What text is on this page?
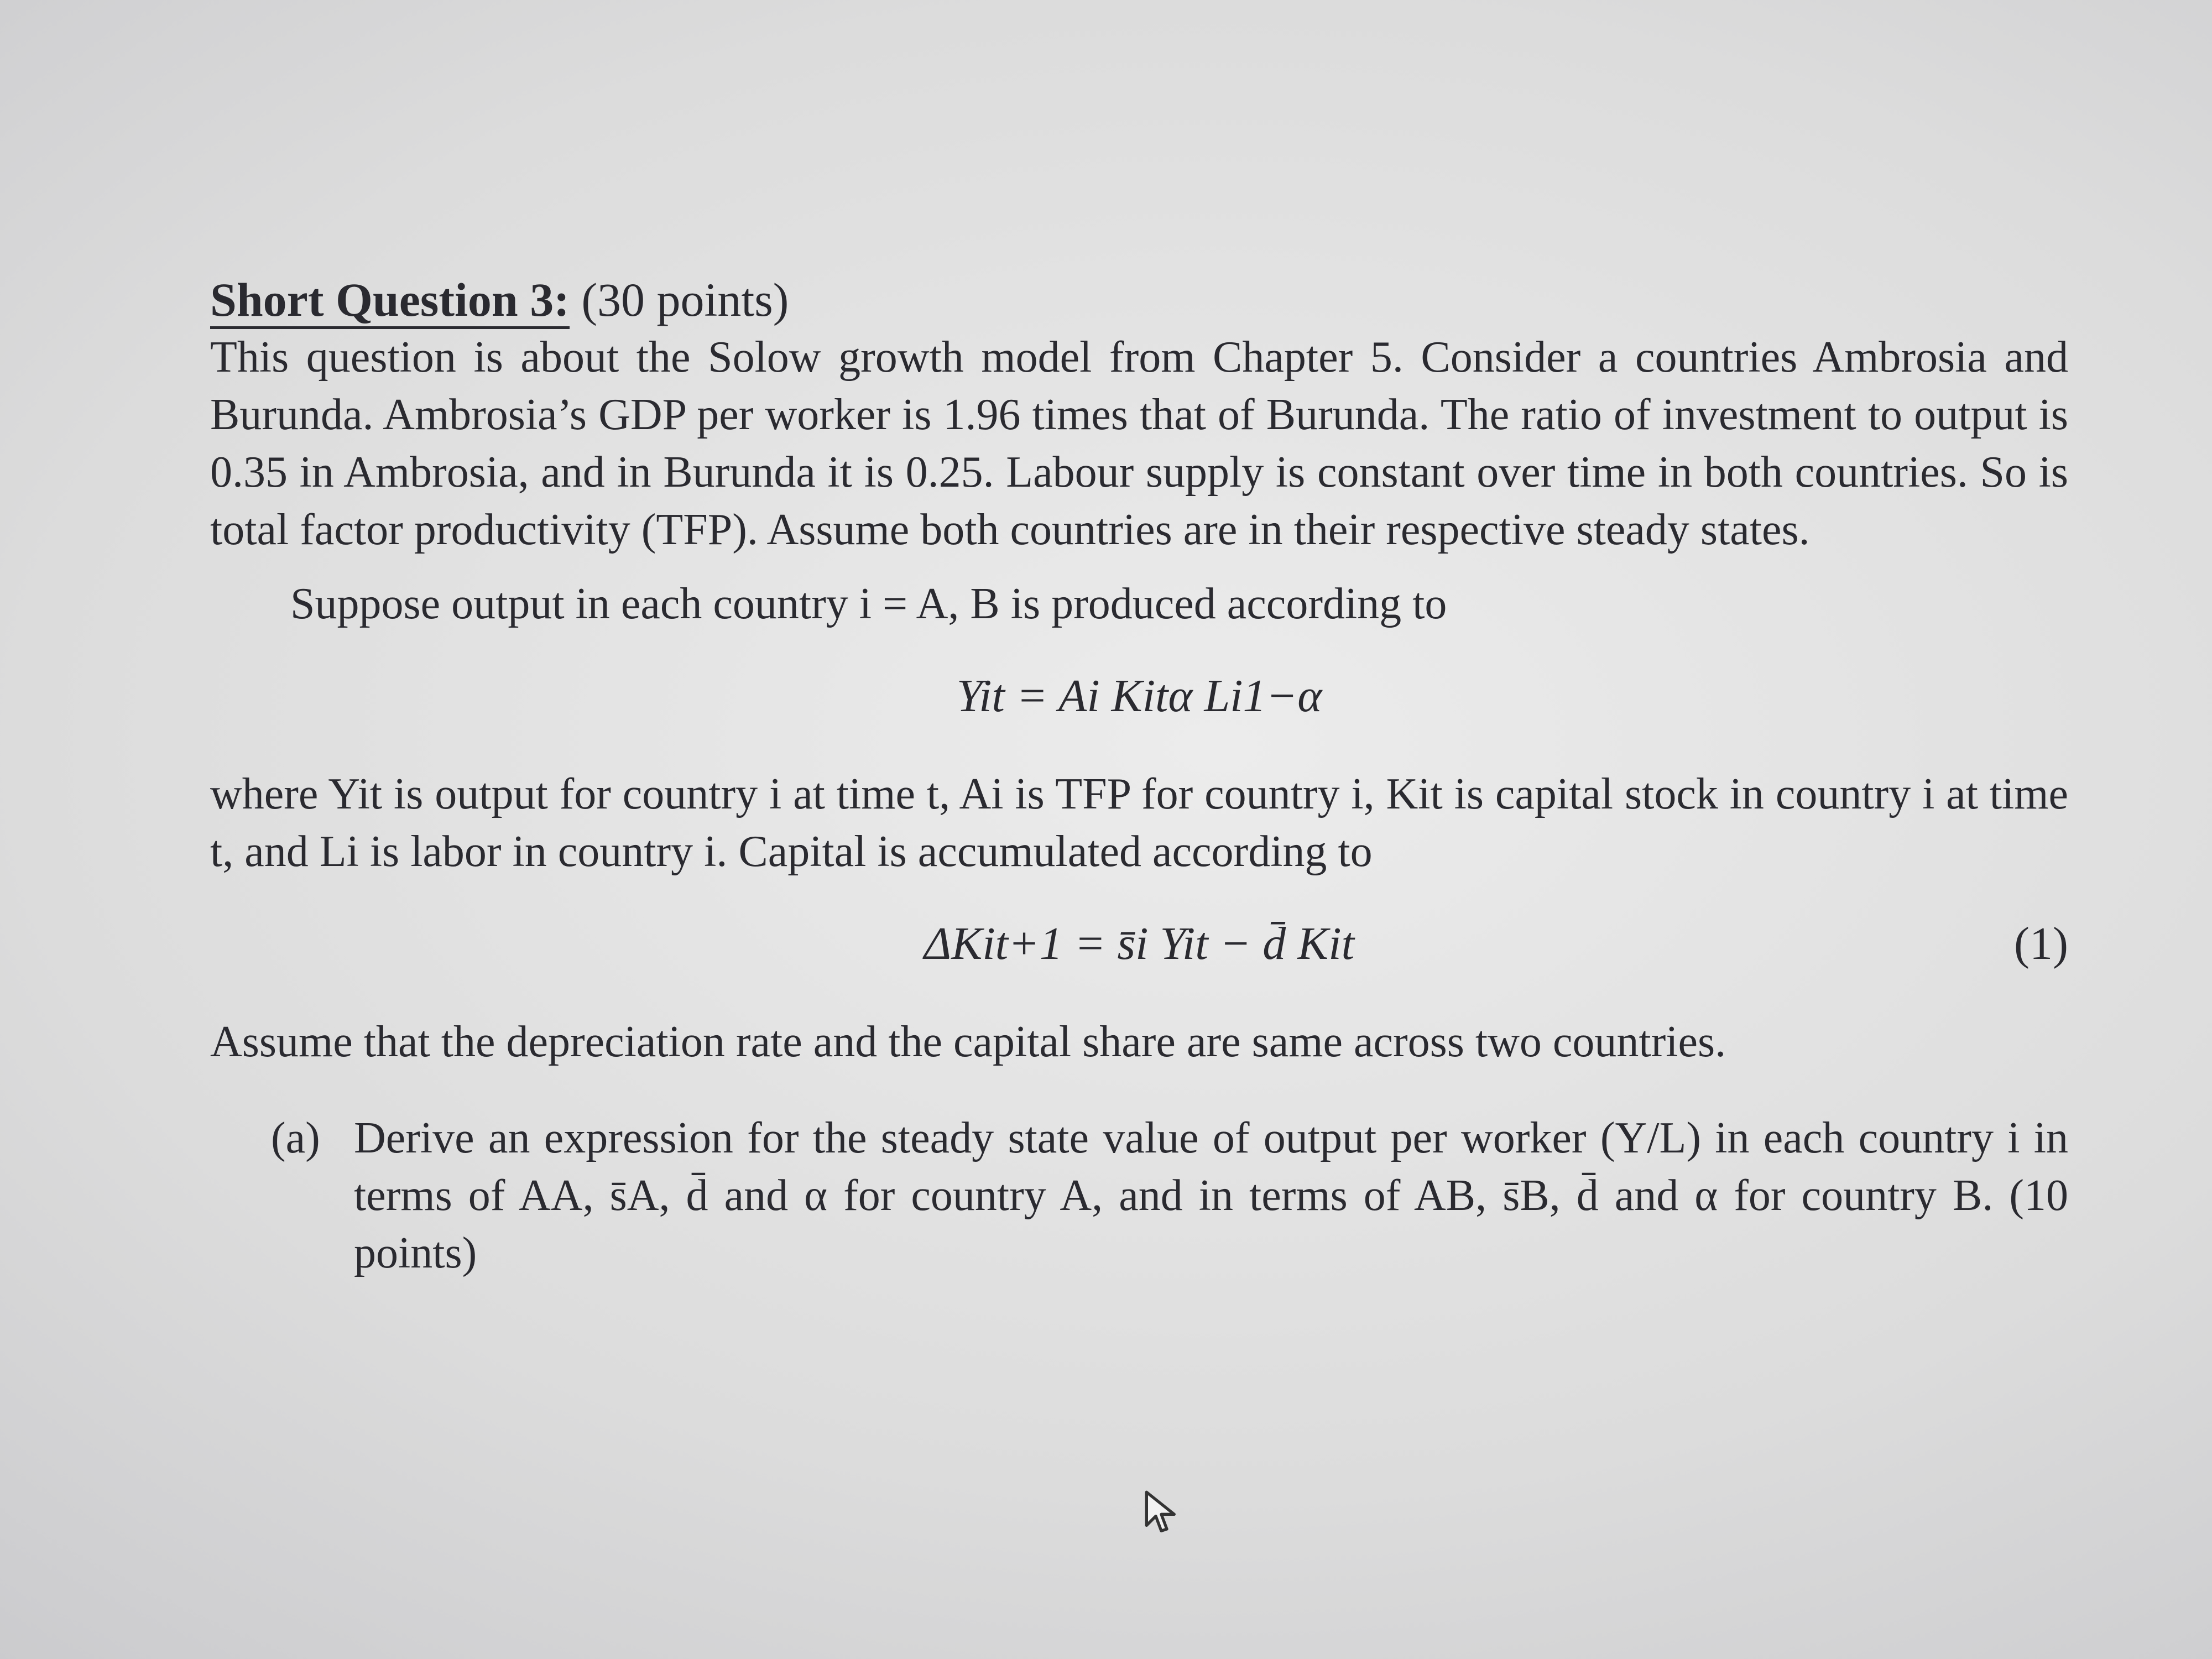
Short Question 3: (30 points)

This question is about the Solow growth model from Chapter 5. Consider a countries Ambrosia and Burunda. Ambrosia’s GDP per worker is 1.96 times that of Burunda. The ratio of investment to output is 0.35 in Ambrosia, and in Burunda it is 0.25. Labour supply is constant over time in both countries. So is total factor productivity (TFP). Assume both countries are in their respective steady states.

Suppose output in each country i = A, B is produced according to

Yit = Ai Kitα Li1−α

where Yit is output for country i at time t, Ai is TFP for country i, Kit is capital stock in country i at time t, and Li is labor in country i. Capital is accumulated according to

ΔKit+1 = s̄i Yit − d̄ Kit	(1)

Assume that the depreciation rate and the capital share are same across two countries.

(a) Derive an expression for the steady state value of output per worker (Y/L) in each country i in terms of AA, s̄A, d̄ and α for country A, and in terms of AB, s̄B, d̄ and α for country B. (10 points)
